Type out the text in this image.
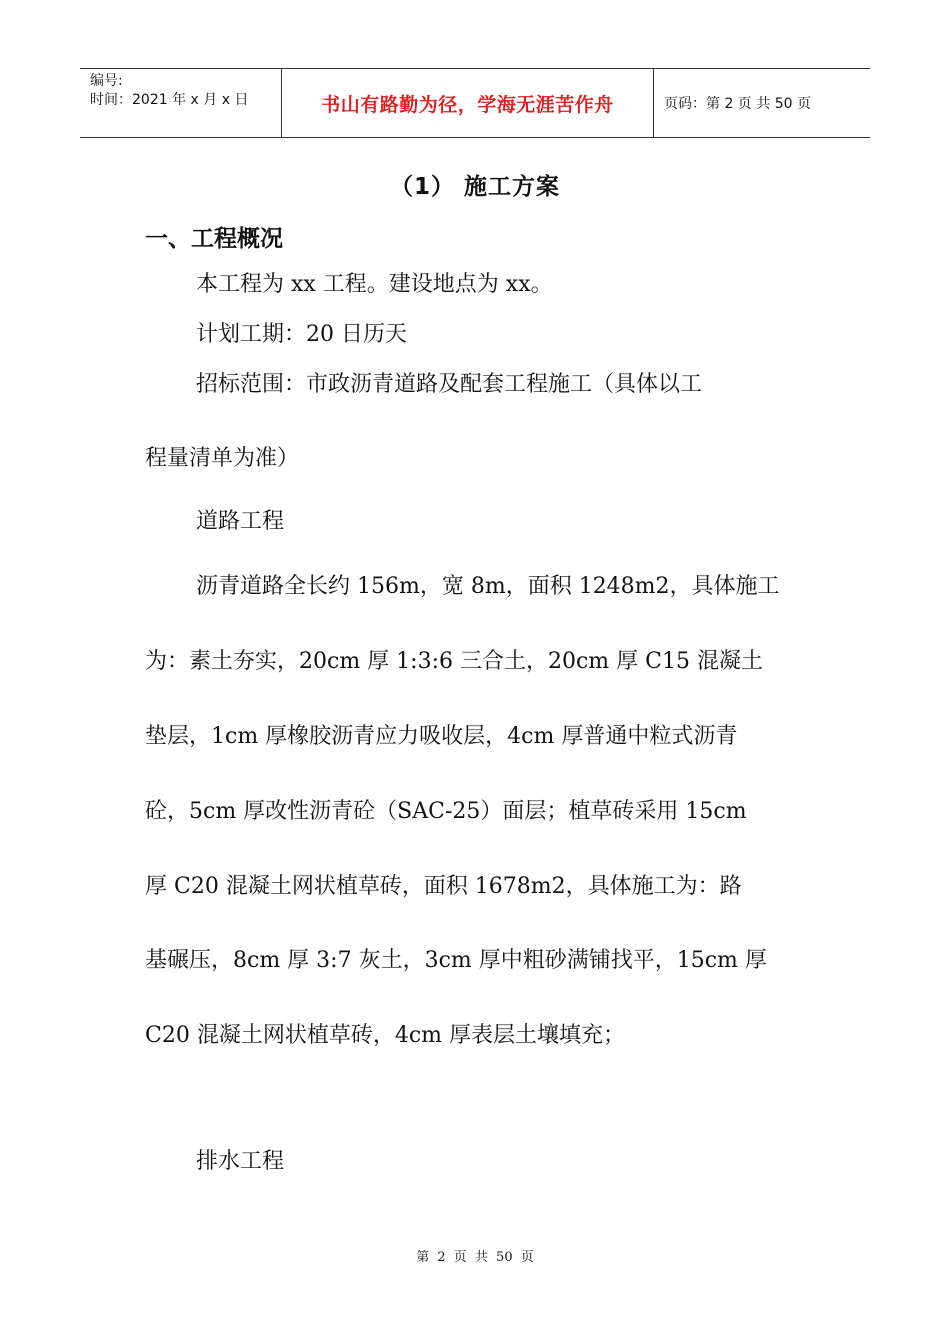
编号:
时间：2021 年 x 月 x 日	书山有路勤为径，学海无涯苦作舟	页码：第 2 页 共 50 页
（1） 施工方案
一、工程概况
本工程为 xx 工程。建设地点为 xx。
计划工期：20 日历天
招标范围：市政沥青道路及配套工程施工（具体以工
程量清单为准）
道路工程
沥青道路全长约 156m，宽 8m，面积 1248m2，具体施工
为：素土夯实，20cm 厚 1:3:6 三合土，20cm 厚 C15 混凝土
垫层，1cm 厚橡胶沥青应力吸收层，4cm 厚普通中粒式沥青
砼，5cm 厚改性沥青砼（SAC-25）面层；植草砖采用 15cm
厚 C20 混凝土网状植草砖，面积 1678m2，具体施工为：路
基碾压，8cm 厚 3:7 灰土，3cm 厚中粗砂满铺找平，15cm 厚
C20 混凝土网状植草砖，4cm 厚表层土壤填充；
排水工程
第 2 页 共 50 页
